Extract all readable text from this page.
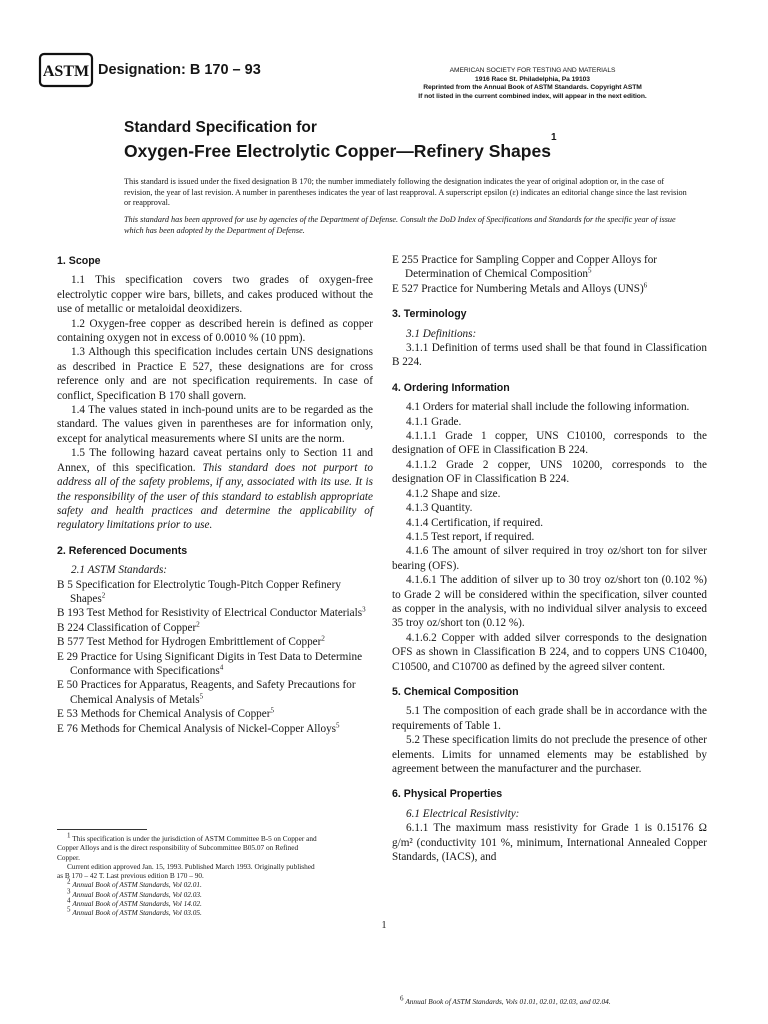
ASTM Designation: B 170 – 93	AMERICAN SOCIETY FOR TESTING AND MATERIALS
1916 Race St. Philadelphia, Pa 19103
Reprinted from the Annual Book of ASTM Standards. Copyright ASTM
If not listed in the current combined index, will appear in the next edition.
Standard Specification for
Oxygen-Free Electrolytic Copper—Refinery Shapes$^1$
This standard is issued under the fixed designation B 170; the number immediately following the designation indicates the year of original adoption or, in the case of revision, the year of last revision. A number in parentheses indicates the year of last reapproval. A superscript epsilon (ε) indicates an editorial change since the last revision or reapproval.
This standard has been approved for use by agencies of the Department of Defense. Consult the DoD Index of Specifications and Standards for the specific year of issue which has been adopted by the Department of Defense.
1. Scope

1.1 This specification covers two grades of oxygen-free electrolytic copper wire bars, billets, and cakes produced without the use of metallic or metaloidal deoxidizers.

1.2 Oxygen-free copper as described herein is defined as copper containing oxygen not in excess of 0.0010 % (10 ppm).

1.3 Although this specification includes certain UNS designations as described in Practice E 527, these designations are for cross reference only and are not specification requirements. In case of conflict, Specification B 170 shall govern.

1.4 The values stated in inch-pound units are to be regarded as the standard. The values given in parentheses are for information only, except for analytical measurements where SI units are the norm.

1.5 The following hazard caveat pertains only to Section 11 and Annex, of this specification. This standard does not purport to address all of the safety problems, if any, associated with its use. It is the responsibility of the user of this standard to establish appropriate safety and health practices and determine the applicability of regulatory limitations prior to use.

2. Referenced Documents

2.1 ASTM Standards:

B 5 Specification for Electrolytic Tough-Pitch Copper Refinery Shapes$^2$

B 193 Test Method for Resistivity of Electrical Conductor Materials$^3$

B 224 Classification of Copper$^2$

B 577 Test Method for Hydrogen Embrittlement of Copper$^2$

E 29 Practice for Using Significant Digits in Test Data to Determine Conformance with Specifications$^4$

E 50 Practices for Apparatus, Reagents, and Safety Precautions for Chemical Analysis of Metals$^5$

E 53 Methods for Chemical Analysis of Copper$^5$

E 76 Methods for Chemical Analysis of Nickel-Copper Alloys$^5$

$^1$ This specification is under the jurisdiction of ASTM Committee B-5 on Copper and Copper Alloys and is the direct responsibility of Subcommittee B05.07 on Refined Copper.
Current edition approved Jan. 15, 1993. Published March 1993. Originally published as B 170 – 42 T. Last previous edition B 170 – 90.
$^2$ Annual Book of ASTM Standards, Vol 02.01.
$^3$ Annual Book of ASTM Standards, Vol 02.03.
$^4$ Annual Book of ASTM Standards, Vol 14.02.
$^5$ Annual Book of ASTM Standards, Vol 03.05.

E 255 Practice for Sampling Copper and Copper Alloys for Determination of Chemical Composition$^5$

E 527 Practice for Numbering Metals and Alloys (UNS)$^6$

3. Terminology

3.1 Definitions:

3.1.1 Definition of terms used shall be that found in Classification B 224.

4. Ordering Information

4.1 Orders for material shall include the following information.

4.1.1 Grade.

4.1.1.1 Grade 1 copper, UNS C10100, corresponds to the designation of OFE in Classification B 224.

4.1.1.2 Grade 2 copper, UNS 10200, corresponds to the designation OF in Classification B 224.

4.1.2 Shape and size.

4.1.3 Quantity.

4.1.4 Certification, if required.

4.1.5 Test report, if required.

4.1.6 The amount of silver required in troy oz/short ton for silver bearing (OFS).

4.1.6.1 The addition of silver up to 30 troy oz/short ton (0.102 %) to Grade 2 will be considered within the specification, silver counted as copper in the analysis, with no individual silver analysis to exceed 35 troy oz/short ton (0.12 %).

4.1.6.2 Copper with added silver corresponds to the designation OFS as shown in Classification B 224, and to coppers UNS C10400, C10500, and C10700 as defined by the agreed silver content.

5. Chemical Composition

5.1 The composition of each grade shall be in accordance with the requirements of Table 1.

5.2 These specification limits do not preclude the presence of other elements. Limits for unnamed elements may be established by agreement between the manufacturer and the purchaser.

6. Physical Properties

6.1 Electrical Resistivity:

6.1.1 The maximum mass resistivity for Grade 1 is 0.15176 Ω g/m² (conductivity 101 %, minimum, International Annealed Copper Standards, (IACS), and

$^6$ Annual Book of ASTM Standards, Vols 01.01, 02.01, 02.03, and 02.04.
1
